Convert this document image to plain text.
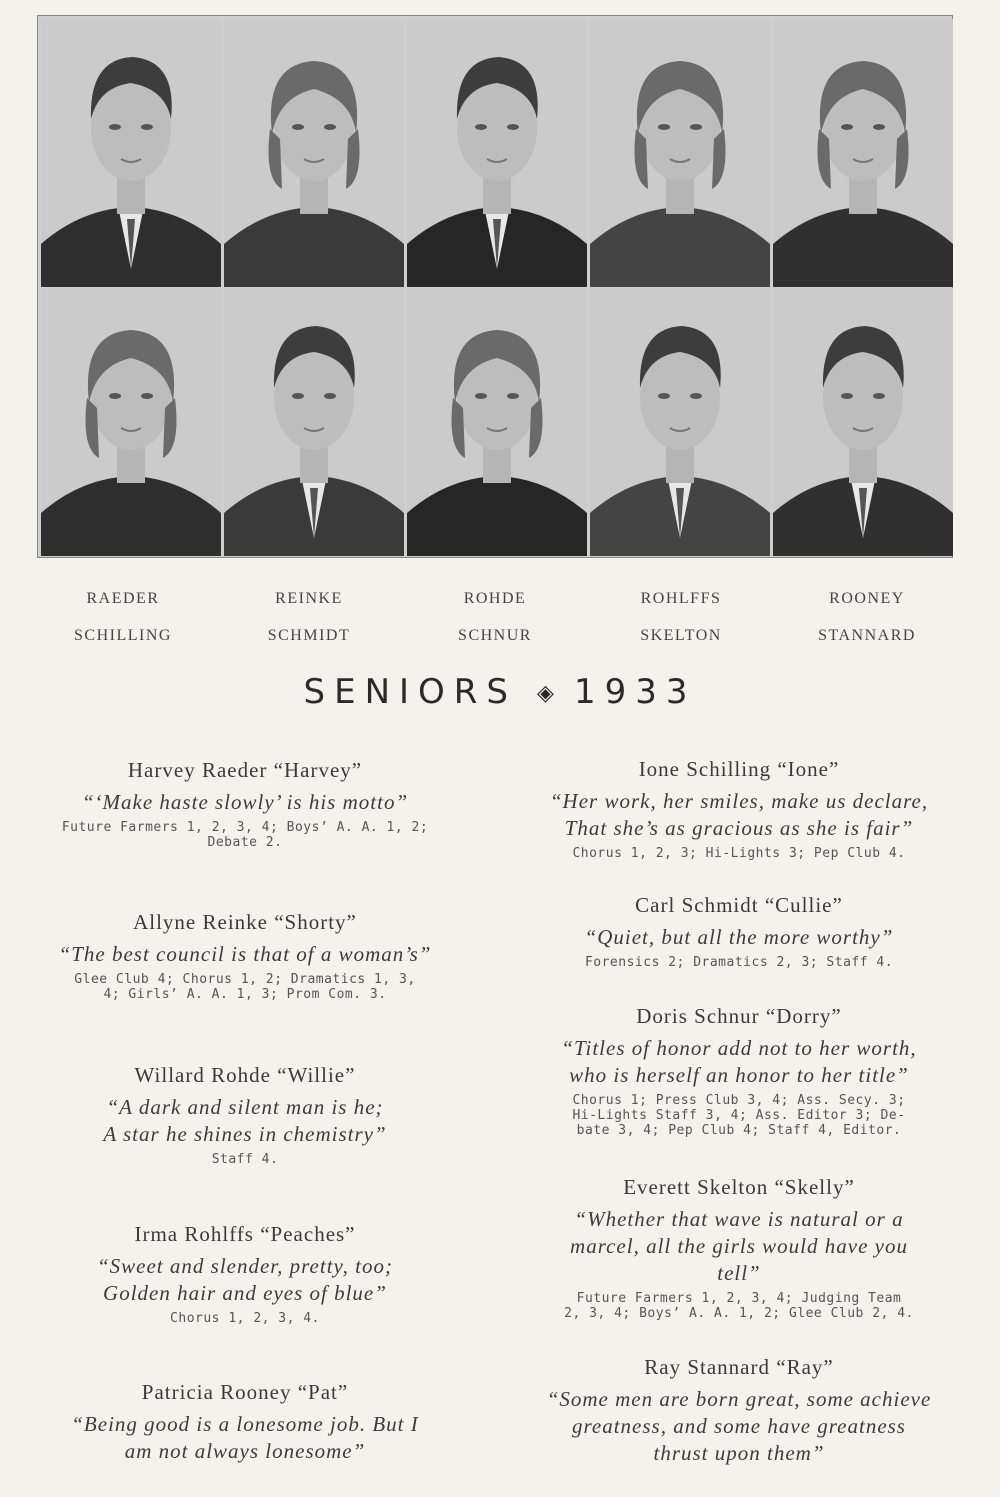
RAEDER	REINKE	ROHDE	ROHLFFS	ROONEY
SCHILLING	SCHMIDT	SCHNUR	SKELTON	STANNARD
SENIORS ◈ 1933
Harvey Raeder “Harvey”
“‘Make haste slowly’ is his motto”
Future Farmers 1, 2, 3, 4; Boys’ A. A. 1, 2;
Debate 2.
Allyne Reinke “Shorty”
“The best council is that of a woman’s”
Glee Club 4; Chorus 1, 2; Dramatics 1, 3,
4; Girls’ A. A. 1, 3; Prom Com. 3.
Willard Rohde “Willie”
“A dark and silent man is he;
A star he shines in chemistry”
Staff 4.
Irma Rohlffs “Peaches”
“Sweet and slender, pretty, too;
Golden hair and eyes of blue”
Chorus 1, 2, 3, 4.
Patricia Rooney “Pat”
“Being good is a lonesome job. But I
am not always lonesome”
Ione Schilling “Ione”
“Her work, her smiles, make us declare,
That she’s as gracious as she is fair”
Chorus 1, 2, 3; Hi-Lights 3; Pep Club 4.
Carl Schmidt “Cullie”
“Quiet, but all the more worthy”
Forensics 2; Dramatics 2, 3; Staff 4.
Doris Schnur “Dorry”
“Titles of honor add not to her worth,
who is herself an honor to her title”
Chorus 1; Press Club 3, 4; Ass. Secy. 3;
Hi-Lights Staff 3, 4; Ass. Editor 3; De-
bate 3, 4; Pep Club 4; Staff 4, Editor.
Everett Skelton “Skelly”
“Whether that wave is natural or a
marcel, all the girls would have you
tell”
Future Farmers 1, 2, 3, 4; Judging Team
2, 3, 4; Boys’ A. A. 1, 2; Glee Club 2, 4.
Ray Stannard “Ray”
“Some men are born great, some achieve
greatness, and some have greatness
thrust upon them”
